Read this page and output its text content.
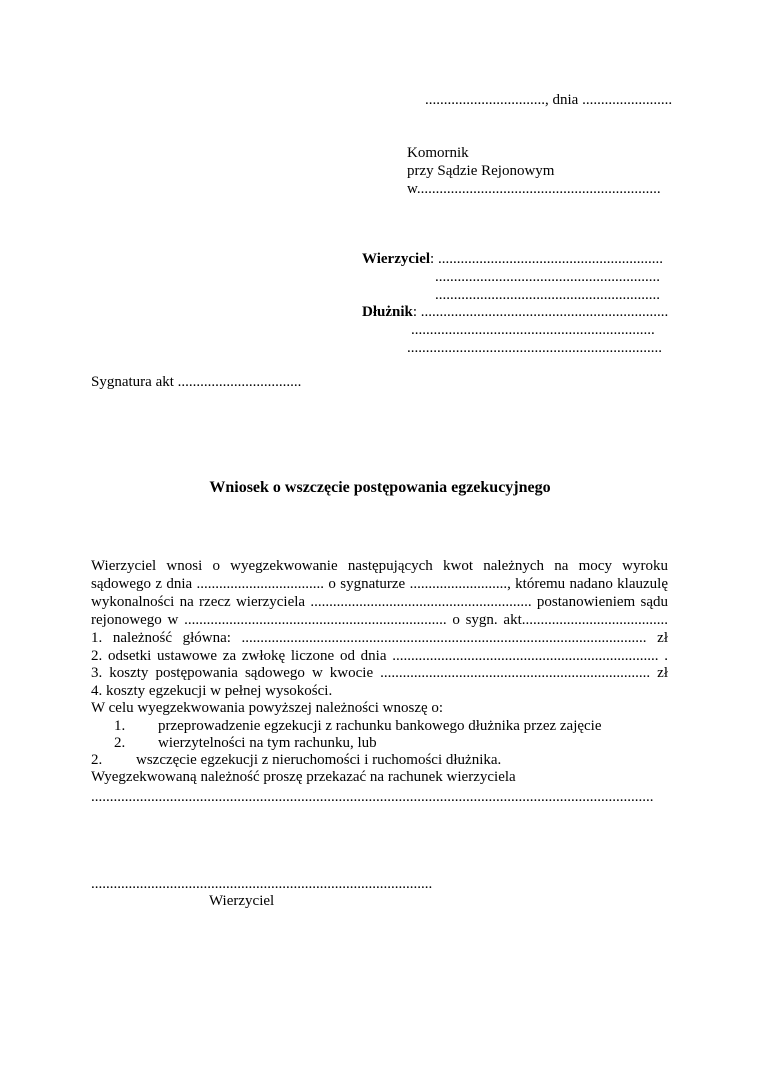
................................, dnia ........................
Komornik
przy Sądzie Rejonowym
w.................................................................
Wierzyciel: ............................................................
............................................................
............................................................
Dłużnik: ..................................................................
.................................................................
....................................................................
Sygnatura akt .................................
Wniosek o wszczęcie postępowania egzekucyjnego
Wierzyciel wnosi o wyegzekwowanie następujących kwot należnych na mocy wyroku
sądowego z dnia .................................. o sygnaturze .........................., któremu nadano klauzulę
wykonalności na rzecz wierzyciela ........................................................... postanowieniem sądu
rejonowego w ...................................................................... o sygn. akt.......................................
1. należność główna: ............................................................................................................ zł
2. odsetki ustawowe za zwłokę liczone od dnia ....................................................................... .
3. koszty postępowania sądowego w kwocie ........................................................................ zł
4. koszty egzekucji w pełnej wysokości.
W celu wyegzekwowania powyższej należności wnoszę o:
1. przeprowadzenie egzekucji z rachunku bankowego dłużnika przez zajęcie
2. wierzytelności na tym rachunku, lub
2. wszczęcie egzekucji z nieruchomości i ruchomości dłużnika.
Wyegzekwowaną należność proszę przekazać na rachunek wierzyciela
......................................................................................................................................................
...........................................................................................
Wierzyciel
